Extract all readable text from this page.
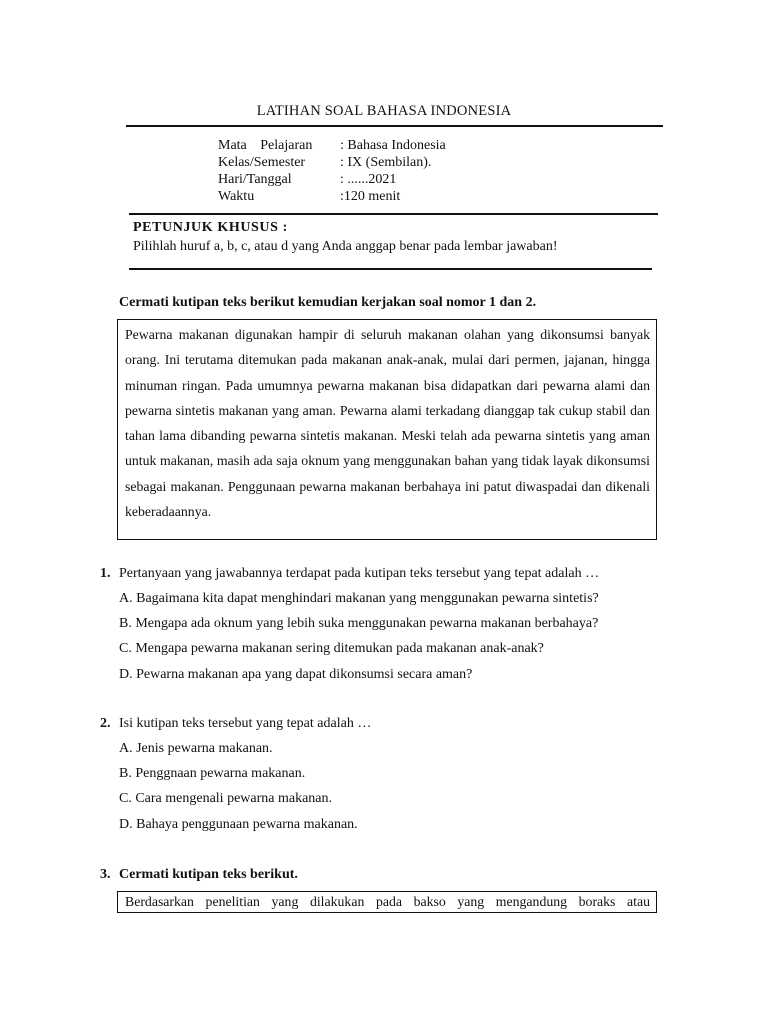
LATIHAN SOAL BAHASA INDONESIA
Mata Pelajaran : Bahasa Indonesia
Kelas/Semester : IX (Sembilan).
Hari/Tanggal	: ......2021
Waktu	:120 menit
PETUNJUK KHUSUS :
Pilihlah huruf a, b, c, atau d yang Anda anggap benar pada lembar jawaban!
Cermati kutipan teks berikut kemudian kerjakan soal nomor 1 dan 2.
Pewarna makanan digunakan hampir di seluruh makanan olahan yang dikonsumsi banyak orang. Ini terutama ditemukan pada makanan anak-anak, mulai dari permen, jajanan, hingga minuman ringan. Pada umumnya pewarna makanan bisa didapatkan dari pewarna alami dan pewarna sintetis makanan yang aman. Pewarna alami terkadang dianggap tak cukup stabil dan tahan lama dibanding pewarna sintetis makanan. Meski telah ada pewarna sintetis yang aman untuk makanan, masih ada saja oknum yang menggunakan bahan yang tidak layak dikonsumsi sebagai makanan. Penggunaan pewarna makanan berbahaya ini patut diwaspadai dan dikenali keberadaannya.
1. Pertanyaan yang jawabannya terdapat pada kutipan teks tersebut yang tepat adalah …
A. Bagaimana kita dapat menghindari makanan yang menggunakan pewarna sintetis?
B. Mengapa ada oknum yang lebih suka menggunakan pewarna makanan berbahaya?
C. Mengapa pewarna makanan sering ditemukan pada makanan anak-anak?
D. Pewarna makanan apa yang dapat dikonsumsi secara aman?
2. Isi kutipan teks tersebut yang tepat adalah …
A. Jenis pewarna makanan.
B. Penggnaan pewarna makanan.
C. Cara mengenali pewarna makanan.
D. Bahaya penggunaan pewarna makanan.
3. Cermati kutipan teks berikut.
Berdasarkan penelitian yang dilakukan pada bakso yang mengandung boraks atau
